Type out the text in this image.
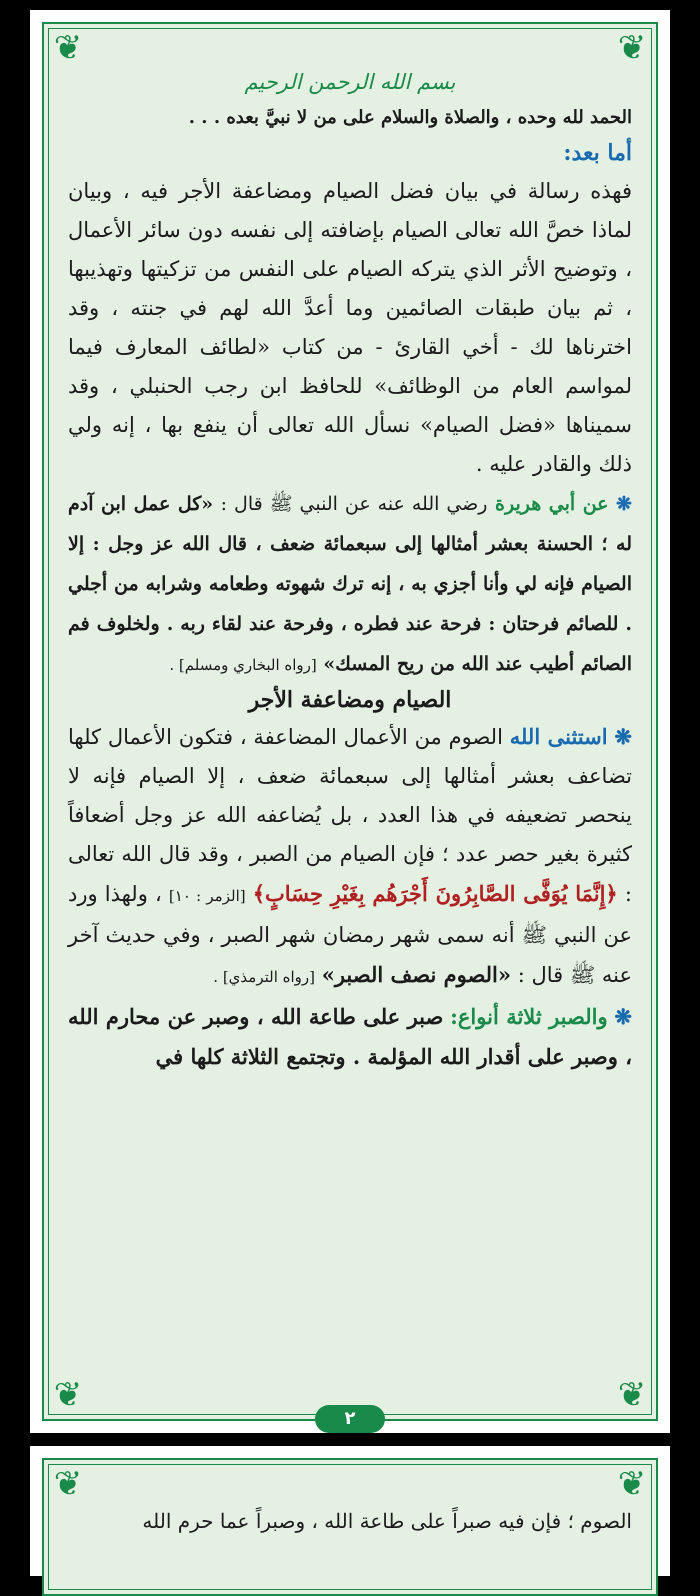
❦	❦
❦	❦
بسم الله الرحمن الرحيم

الحمد لله وحده ، والصلاة والسلام على من لا نبيَّ بعده . . .

أما بعد:

فهذه رسالة في بيان فضل الصيام ومضاعفة الأجر فيه ، وبيان لماذا خصَّ الله تعالى الصيام بإضافته إلى نفسه دون سائر الأعمال ، وتوضيح الأثر الذي يتركه الصيام على النفس من تزكيتها وتهذيبها ، ثم بيان طبقات الصائمين وما أعدَّ الله لهم في جنته ، وقد اخترناها لك - أخي القارئ - من كتاب «لطائف المعارف فيما لمواسم العام من الوظائف» للحافظ ابن رجب الحنبلي ، وقد سميناها «فضل الصيام» نسأل الله تعالى أن ينفع بها ، إنه ولي ذلك والقادر عليه .

❋ عن أبي هريرة رضي الله عنه عن النبي ﷺ قال : «كل عمل ابن آدم له ؛ الحسنة بعشر أمثالها إلى سبعمائة ضعف ، قال الله عز وجل : إلا الصيام فإنه لي وأنا أجزي به ، إنه ترك شهوته وطعامه وشرابه من أجلي . للصائم فرحتان : فرحة عند فطره ، وفرحة عند لقاء ربه . ولخلوف فم الصائم أطيب عند الله من ريح المسك» [رواه البخاري ومسلم] .

الصيام ومضاعفة الأجر

❋ استثنى الله الصوم من الأعمال المضاعفة ، فتكون الأعمال كلها تضاعف بعشر أمثالها إلى سبعمائة ضعف ، إلا الصيام فإنه لا ينحصر تضعيفه في هذا العدد ، بل يُضاعفه الله عز وجل أضعافاً كثيرة بغير حصر عدد ؛ فإن الصيام من الصبر ، وقد قال الله تعالى : ﴿إِنَّمَا يُوَفَّى الصَّابِرُونَ أَجْرَهُم بِغَيْرِ حِسَابٍ﴾ [الزمر : ١٠] ، ولهذا ورد عن النبي ﷺ أنه سمى شهر رمضان شهر الصبر ، وفي حديث آخر عنه ﷺ قال : «الصوم نصف الصبر» [رواه الترمذي] .

❋ والصبر ثلاثة أنواع: صبر على طاعة الله ، وصبر عن محارم الله ، وصبر على أقدار الله المؤلمة . وتجتمع الثلاثة كلها في

٢
❦	❦
الصوم ؛ فإن فيه صبراً على طاعة الله ، وصبراً عما حرم الله
